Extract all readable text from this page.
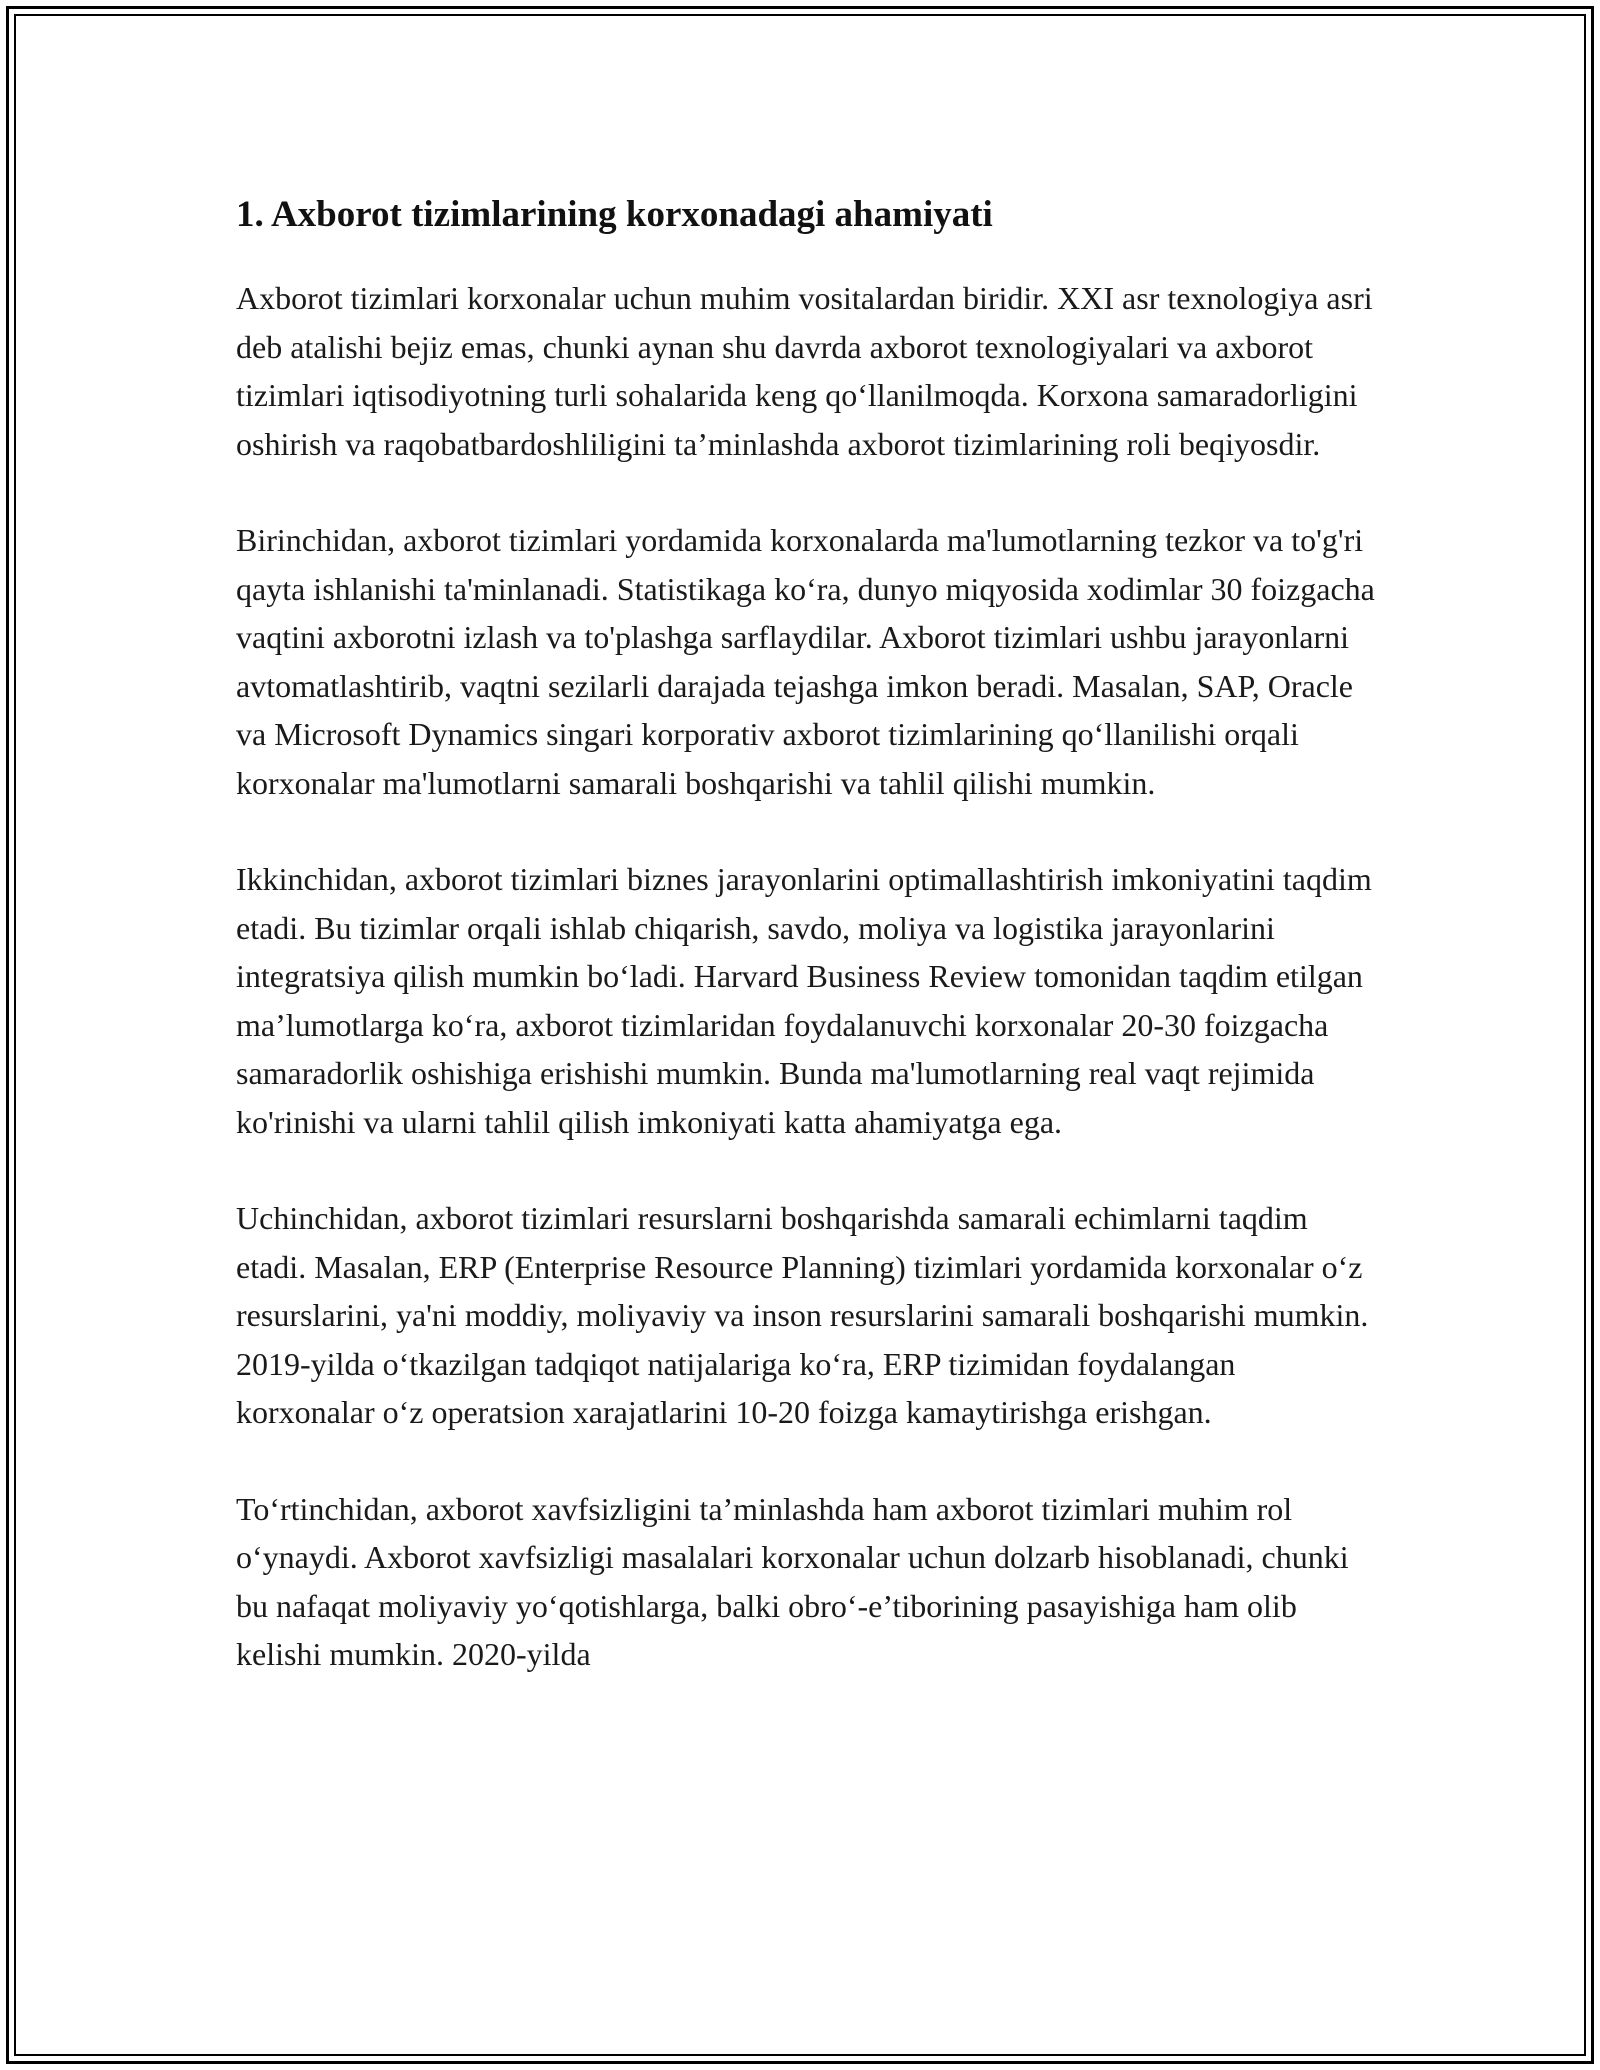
1. Axborot tizimlarining korxonadagi ahamiyati

Axborot tizimlari korxonalar uchun muhim vositalardan biridir. XXI asr texnologiya asri deb atalishi bejiz emas, chunki aynan shu davrda axborot texnologiyalari va axborot tizimlari iqtisodiyotning turli sohalarida keng qo‘llanilmoqda. Korxona samaradorligini oshirish va raqobatbardoshliligini ta’minlashda axborot tizimlarining roli beqiyosdir.

Birinchidan, axborot tizimlari yordamida korxonalarda ma'lumotlarning tezkor va to'g'ri qayta ishlanishi ta'minlanadi. Statistikaga ko‘ra, dunyo miqyosida xodimlar 30 foizgacha vaqtini axborotni izlash va to'plashga sarflaydilar. Axborot tizimlari ushbu jarayonlarni avtomatlashtirib, vaqtni sezilarli darajada tejashga imkon beradi. Masalan, SAP, Oracle va Microsoft Dynamics singari korporativ axborot tizimlarining qo‘llanilishi orqali korxonalar ma'lumotlarni samarali boshqarishi va tahlil qilishi mumkin.

Ikkinchidan, axborot tizimlari biznes jarayonlarini optimallashtirish imkoniyatini taqdim etadi. Bu tizimlar orqali ishlab chiqarish, savdo, moliya va logistika jarayonlarini integratsiya qilish mumkin bo‘ladi. Harvard Business Review tomonidan taqdim etilgan ma’lumotlarga ko‘ra, axborot tizimlaridan foydalanuvchi korxonalar 20-30 foizgacha samaradorlik oshishiga erishishi mumkin. Bunda ma'lumotlarning real vaqt rejimida ko'rinishi va ularni tahlil qilish imkoniyati katta ahamiyatga ega.

Uchinchidan, axborot tizimlari resurslarni boshqarishda samarali echimlarni taqdim etadi. Masalan, ERP (Enterprise Resource Planning) tizimlari yordamida korxonalar o‘z resurslarini, ya'ni moddiy, moliyaviy va inson resurslarini samarali boshqarishi mumkin. 2019-yilda o‘tkazilgan tadqiqot natijalariga ko‘ra, ERP tizimidan foydalangan korxonalar o‘z operatsion xarajatlarini 10-20 foizga kamaytirishga erishgan.

To‘rtinchidan, axborot xavfsizligini ta’minlashda ham axborot tizimlari muhim rol o‘ynaydi. Axborot xavfsizligi masalalari korxonalar uchun dolzarb hisoblanadi, chunki bu nafaqat moliyaviy yo‘qotishlarga, balki obro‘-e’tiborining pasayishiga ham olib kelishi mumkin. 2020-yilda
